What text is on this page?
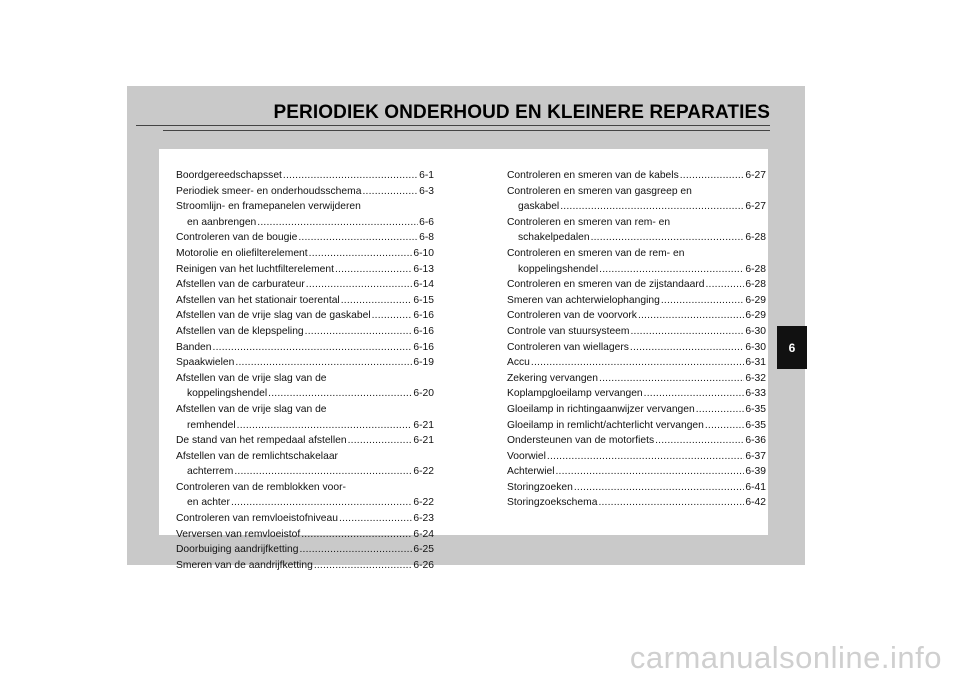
PERIODIEK ONDERHOUD EN KLEINERE REPARATIES
Boordgereedschapsset .....	6-1
Periodiek smeer- en onderhoudsschema .....	6-3
Stroomlijn- en framepanelen verwijderen
en aanbrengen .....	6-6
Controleren van de bougie .....	6-8
Motorolie en oliefilterelement .....	6-10
Reinigen van het luchtfilterelement .....	6-13
Afstellen van de carburateur .....	6-14
Afstellen van het stationair toerental .....	6-15
Afstellen van de vrije slag van de gaskabel .....	6-16
Afstellen van de klepspeling .....	6-16
Banden .....	6-16
Spaakwielen .....	6-19
Afstellen van de vrije slag van de
koppelingshendel .....	6-20
Afstellen van de vrije slag van de
remhendel .....	6-21
De stand van het rempedaal afstellen .....	6-21
Afstellen van de remlichtschakelaar
achterrem .....	6-22
Controleren van de remblokken voor-
en achter .....	6-22
Controleren van remvloeistofniveau .....	6-23
Verversen van remvloeistof .....	6-24
Doorbuiging aandrijfketting .....	6-25
Smeren van de aandrijfketting .....	6-26
Controleren en smeren van de kabels .....	6-27
Controleren en smeren van gasgreep en
gaskabel .....	6-27
Controleren en smeren van rem- en
schakelpedalen .....	6-28
Controleren en smeren van de rem- en
koppelingshendel .....	6-28
Controleren en smeren van de zijstandaard .....	6-28
Smeren van achterwielophanging .....	6-29
Controleren van de voorvork .....	6-29
Controle van stuursysteem .....	6-30
Controleren van wiellagers .....	6-30
Accu .....	6-31
Zekering vervangen .....	6-32
Koplampgloeilamp vervangen .....	6-33
Gloeilamp in richtingaanwijzer vervangen .....	6-35
Gloeilamp in remlicht/achterlicht vervangen .....	6-35
Ondersteunen van de motorfiets .....	6-36
Voorwiel .....	6-37
Achterwiel .....	6-39
Storingzoeken .....	6-41
Storingzoekschema .....	6-42
6
carmanualsonline.info
